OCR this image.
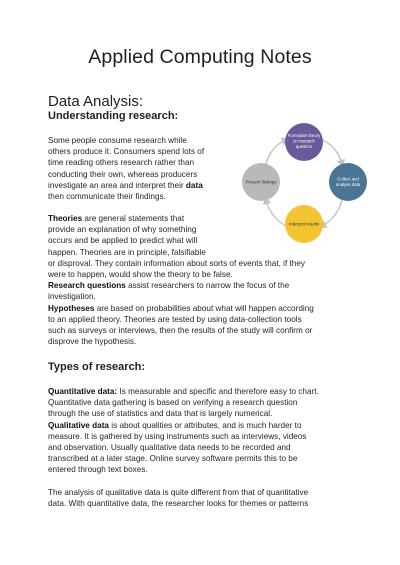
Applied Computing Notes
Data Analysis:
Understanding research:

Some people consume research while
others produce it. Consumers spend lots of
time reading others research rather than
conducting their own, whereas producers
investigate an area and interpret their data
then communicate their findings.

Theories are general statements that
provide an explanation of why something
occurs and be applied to predict what will
happen. Theories are in principle, falsifiable
or disproval. They contain information about sorts of events that, if they
were to happen, would show the theory to be false.
Research questions assist researchers to narrow the focus of the
investigation.
Hypotheses are based on probabilities about what will happen according
to an applied theory. Theories are tested by using data-collection tools
such as surveys or interviews, then the results of the study will confirm or
disprove the hypothesis.

Types of research:

Quantitative data: Is measurable and specific and therefore easy to chart.
Quantitative data gathering is based on verifying a research question
through the use of statistics and data that is largely numerical.
Qualitative data is about qualities or attributes, and is much harder to
measure. It is gathered by using instruments such as interviews, videos
and observation. Usually qualitative data needs to be recorded and
transcribed at a later stage. Online survey software permits this to be
entered through text boxes.

The analysis of qualitative data is quite different from that of quantitative
data. With quantitative data, the researcher looks for themes or patterns

Formulate theory
or research
question
Collect and
analyse data
Interpret results
Present findings
